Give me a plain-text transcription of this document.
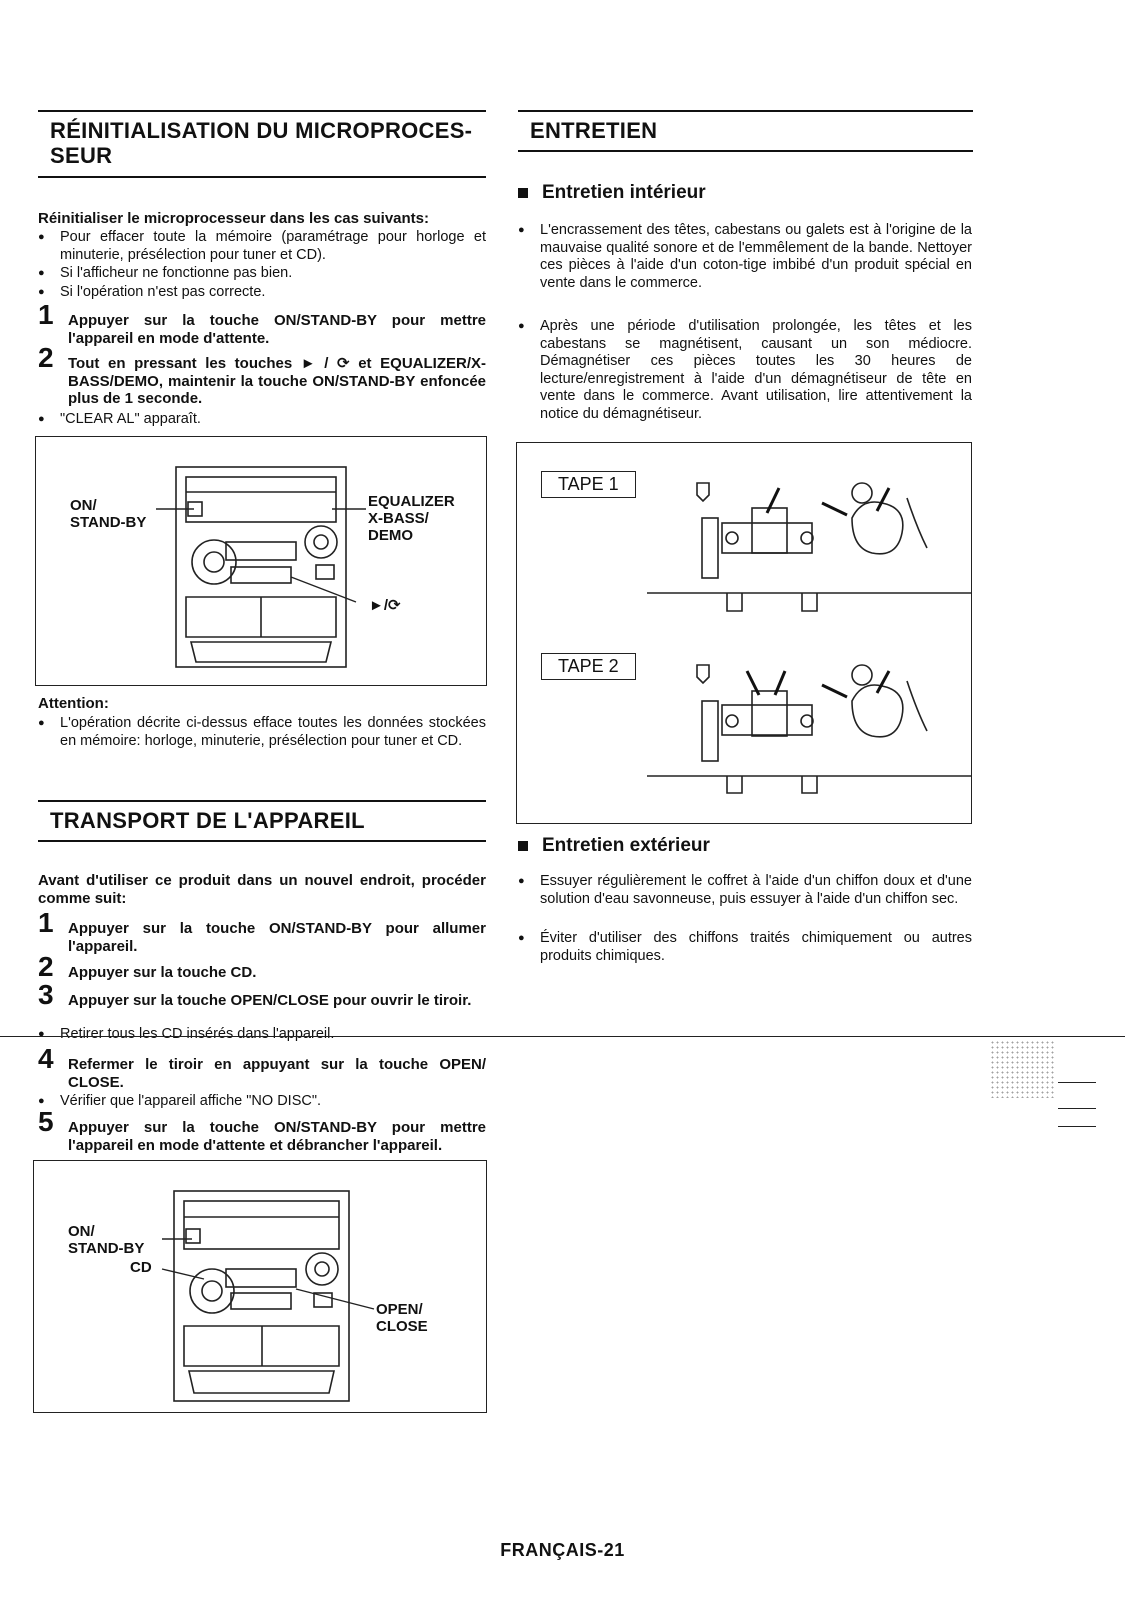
RÉINITIALISATION DU MICROPROCES-
SEUR

Réinitialiser le microprocesseur dans les cas suivants:

● Pour effacer toute la mémoire (paramétrage pour horloge et minuterie, présélection pour tuner et CD).

● Si l'afficheur ne fonctionne pas bien.

● Si l'opération n'est pas correcte.

1 Appuyer sur la touche ON/STAND-BY pour mettre l'appareil en mode d'attente.

2 Tout en pressant les touches ► / ⟳ et EQUALIZER/X-BASS/DEMO, maintenir la touche ON/STAND-BY enfoncée plus de 1 seconde.

● "CLEAR AL" apparaît.

ON/
STAND-BY
EQUALIZER
X-BASS/
DEMO
►/⟳

Attention:

● L'opération décrite ci-dessus efface toutes les données stockées en mémoire: horloge, minuterie, présélection pour tuner et CD.

TRANSPORT DE L'APPAREIL

Avant d'utiliser ce produit dans un nouvel endroit, procéder comme suit:

1 Appuyer sur la touche ON/STAND-BY pour allumer l'appareil.

2 Appuyer sur la touche CD.

3 Appuyer sur la touche OPEN/CLOSE pour ouvrir le tiroir.

● Retirer tous les CD insérés dans l'appareil.

4 Refermer le tiroir en appuyant sur la touche OPEN/ CLOSE.

● Vérifier que l'appareil affiche "NO DISC".

5 Appuyer sur la touche ON/STAND-BY pour mettre l'appareil en mode d'attente et débrancher l'appareil.

ON/
STAND-BY
CD
OPEN/
CLOSE
ENTRETIEN
Entretien intérieur

● L'encrassement des têtes, cabestans ou galets est à l'origine de la mauvaise qualité sonore et de l'emmêlement de la bande. Nettoyer ces pièces à l'aide d'un coton-tige imbibé d'un produit spécial en vente dans le commerce.

● Après une période d'utilisation prolongée, les têtes et les cabestans se magnétisent, causant un son médiocre. Démagnétiser ces pièces toutes les 30 heures de lecture/enregistrement à l'aide d'un démagnétiseur de tête en vente dans le commerce. Avant utilisation, lire attentivement la notice du démagnétiseur.

TAPE 1
TAPE 2
Entretien extérieur

● Essuyer régulièrement le coffret à l'aide d'un chiffon doux et d'une solution d'eau savonneuse, puis essuyer à l'aide d'un chiffon sec.

● Éviter d'utiliser des chiffons traités chimiquement ou autres produits chimiques.

FRANÇAIS-21
